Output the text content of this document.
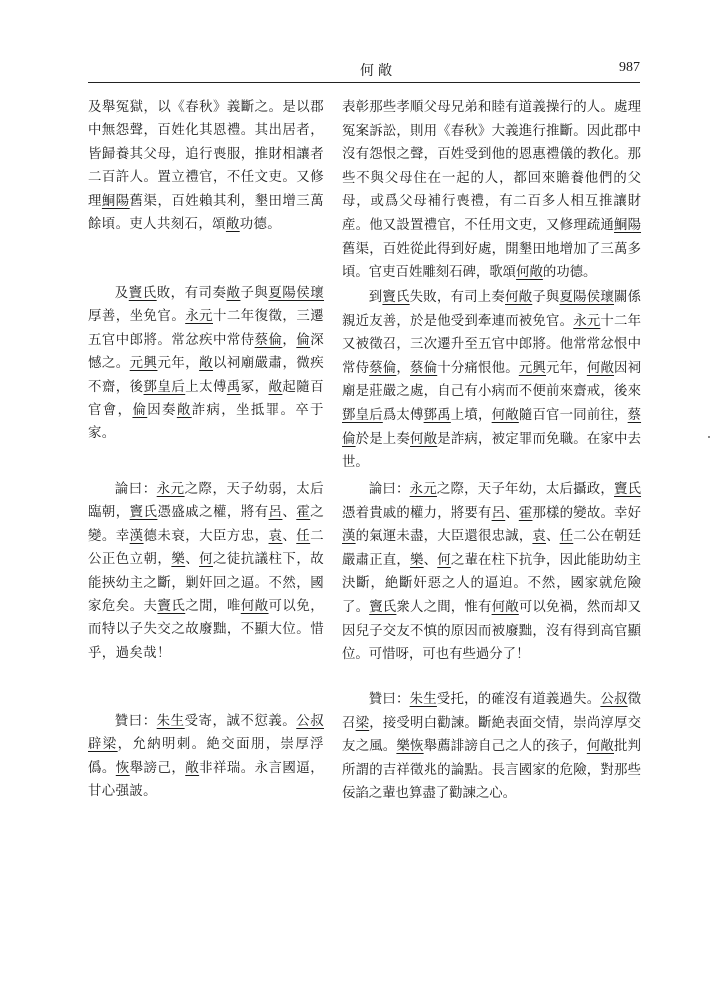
何敞	987

及舉冤獄，以《春秋》義斷之。是以郡中無怨聲，百姓化其恩禮。其出居者，皆歸養其父母，追行喪服，推財相讓者二百許人。置立禮官，不任文吏。又修理鮦陽舊渠，百姓賴其利，墾田增三萬餘頃。吏人共刻石，頌敞功德。

及竇氏敗，有司奏敞子與夏陽侯瓌厚善，坐免官。永元十二年復徵，三遷五官中郎將。常忿疾中常侍蔡倫，倫深憾之。元興元年，敞以祠廟嚴肅，微疾不齋，後鄧皇后上太傅禹冢，敞起隨百官會，倫因奏敞詐病，坐抵罪。卒于家。

論曰：永元之際，天子幼弱，太后臨朝，竇氏憑盛戚之權，將有呂、霍之變。幸漢德未衰，大臣方忠，袁、任二公正色立朝，樂、何之徒抗議柱下，故能挾幼主之斷，剿奸回之逼。不然，國家危矣。夫竇氏之閒，唯何敞可以免，而特以子失交之故廢黜，不顯大位。惜乎，過矣哉！

贊曰：朱生受寄，誠不愆義。公叔辟梁，允納明刺。絶交面朋，崇厚浮僞。恢舉謗己，敞非祥瑞。永言國逼，甘心强詖。

表彰那些孝順父母兄弟和睦有道義操行的人。處理冤案訴訟，則用《春秋》大義進行推斷。因此郡中沒有怨恨之聲，百姓受到他的恩惠禮儀的教化。那些不與父母住在一起的人，都回來贍養他們的父母，或爲父母補行喪禮，有二百多人相互推讓財産。他又設置禮官，不任用文吏，又修理疏通鮦陽舊渠，百姓從此得到好處，開墾田地增加了三萬多頃。官吏百姓雕刻石碑，歌頌何敞的功德。

到竇氏失敗，有司上奏何敞子與夏陽侯瓌關係親近友善，於是他受到牽連而被免官。永元十二年又被徵召，三次遷升至五官中郎將。他常常忿恨中常侍蔡倫，蔡倫十分痛恨他。元興元年，何敞因祠廟是莊嚴之處，自己有小病而不便前來齋戒，後來鄧皇后爲太傅鄧禹上墳，何敞隨百官一同前往，蔡倫於是上奏何敞是詐病，被定罪而免職。在家中去世。

論曰：永元之際，天子年幼，太后攝政，竇氏憑着貴戚的權力，將要有呂、霍那樣的變故。幸好漢的氣運未盡，大臣還很忠誠，袁、任二公在朝廷嚴肅正直，樂、何之輩在柱下抗争，因此能助幼主決斷，絶斷奸惡之人的逼迫。不然，國家就危險了。竇氏衆人之間，惟有何敞可以免禍，然而却又因兒子交友不慎的原因而被廢黜，沒有得到高官顯位。可惜呀，可也有些過分了！

贊曰：朱生受托，的確沒有道義過失。公叔徵召梁，接受明白勸諫。斷絶表面交情，崇尚淳厚交友之風。樂恢舉薦誹謗自己之人的孩子，何敞批判所謂的吉祥徵兆的論點。長言國家的危險，對那些佞諂之輩也算盡了勸諫之心。
